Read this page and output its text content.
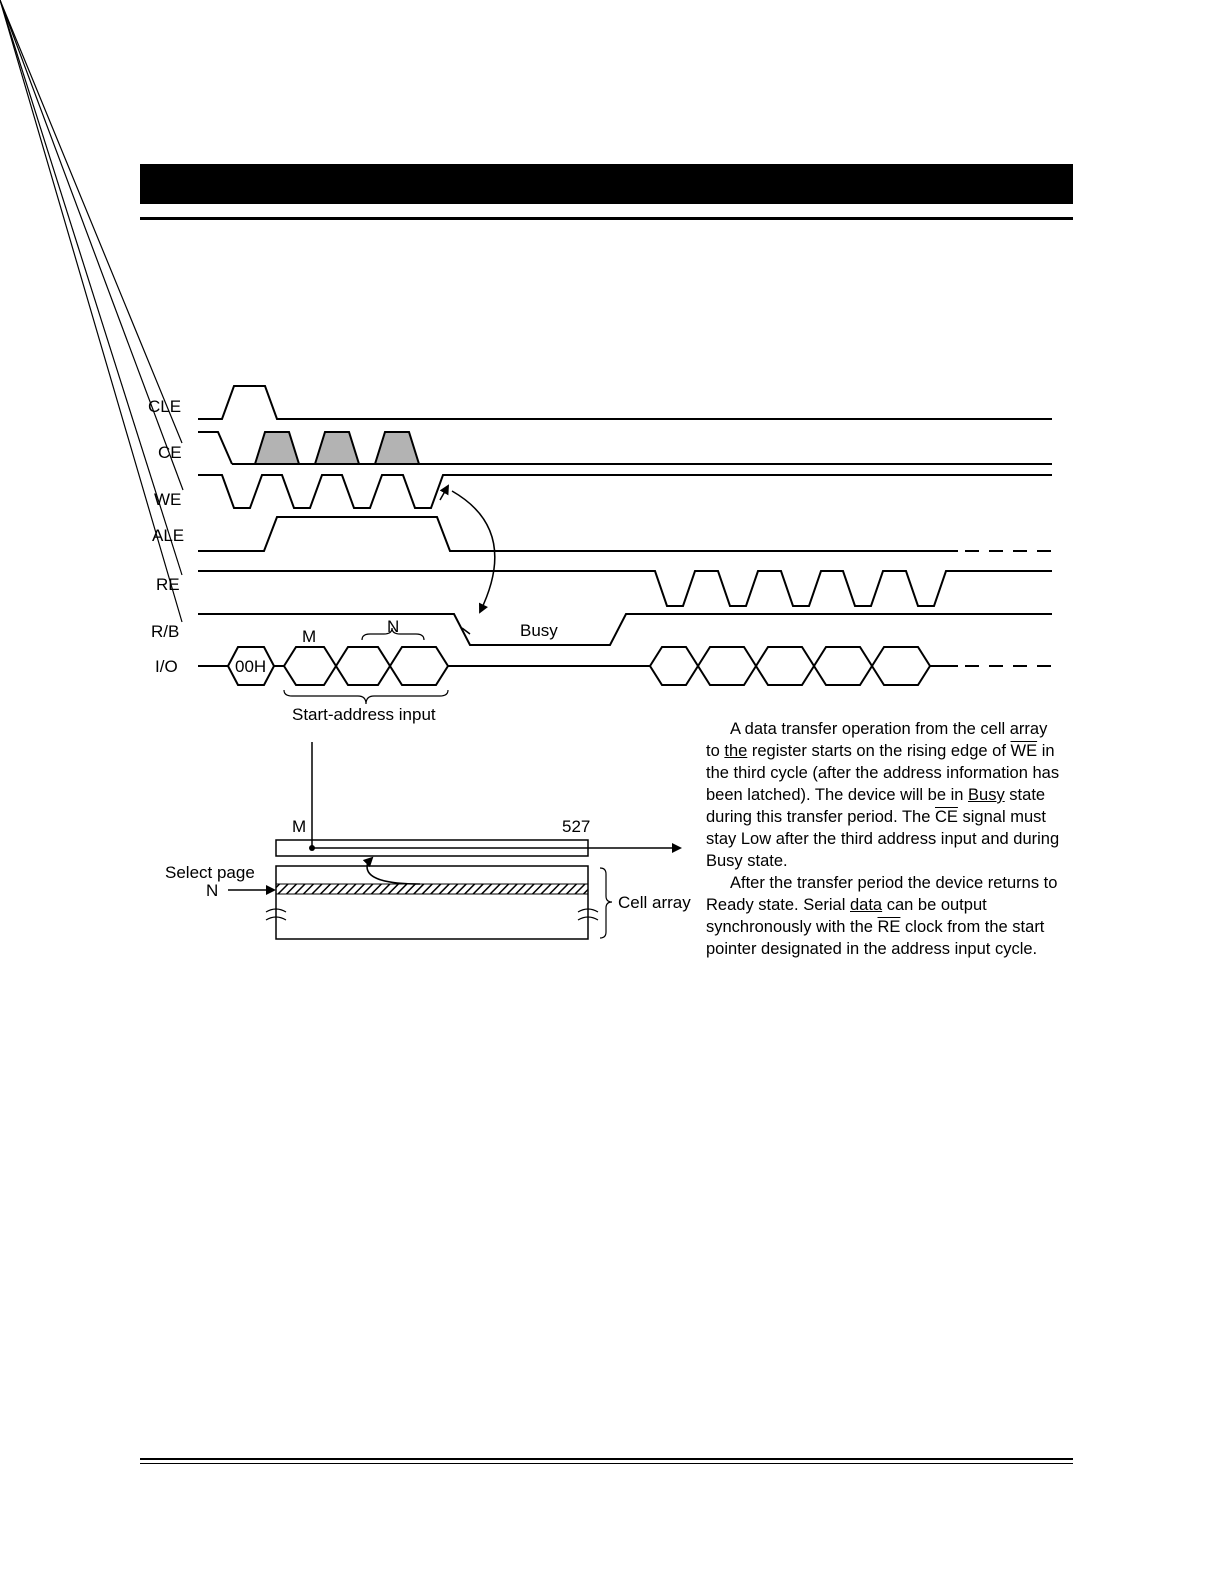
CLE
CE
WE
ALE
RE
R/B
I/O	00H
M
N	Busy
Start-address input
M	527
Select page
N
Cell array

A data transfer operation from the cell array to the register starts on the rising edge of $\overline{WE}$ in the third cycle (after the address information has been latched). The device will be in Busy state during this transfer period. The $\overline{CE}$ signal must stay Low after the third address input and during Busy state.

After the transfer period the device returns to Ready state. Serial data can be output synchronously with the $\overline{RE}$ clock from the start pointer designated in the address input cycle.
